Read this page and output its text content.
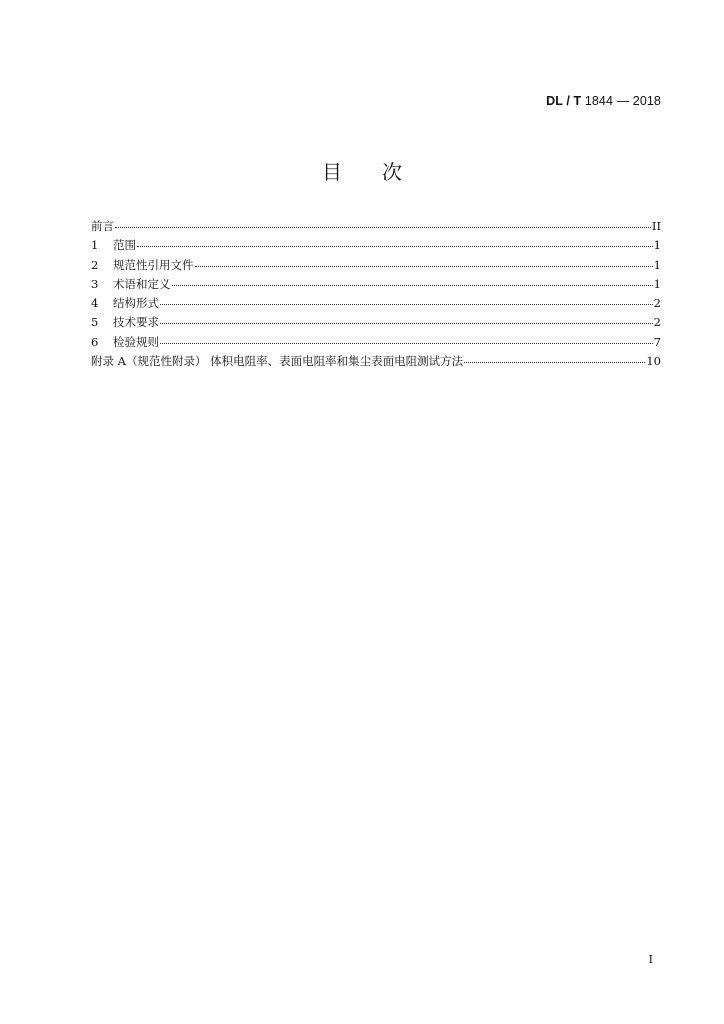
DL / T 1844 — 2018
目次
前言	II
1	范围	1
2	规范性引用文件	1
3	术语和定义	1
4	结构形式	2
5	技术要求	2
6	检验规则	7
附录 A（规范性附录） 体积电阻率、表面电阻率和集尘表面电阻测试方法	10
I
